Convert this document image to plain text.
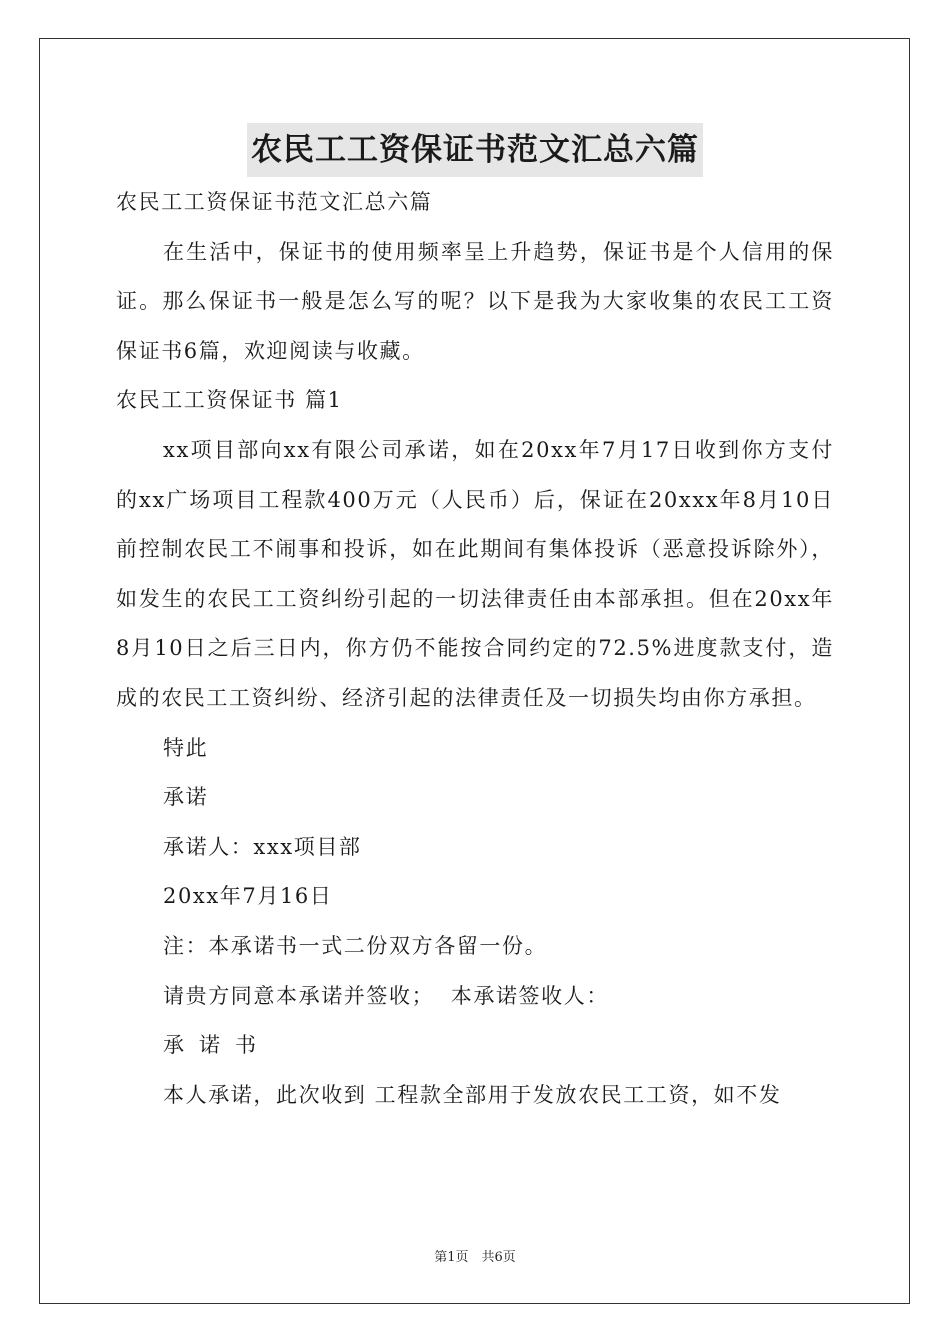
农民工工资保证书范文汇总六篇
农民工工资保证书范文汇总六篇
在生活中，保证书的使用频率呈上升趋势，保证书是个人信用的保证。那么保证书一般是怎么写的呢？以下是我为大家收集的农民工工资保证书6篇，欢迎阅读与收藏。
农民工工资保证书 篇1
xx项目部向xx有限公司承诺，如在20xx年7月17日收到你方支付的xx广场项目工程款400万元（人民币）后，保证在20xxx年8月10日前控制农民工不闹事和投诉，如在此期间有集体投诉（恶意投诉除外），如发生的农民工工资纠纷引起的一切法律责任由本部承担。但在20xx年8月10日之后三日内，你方仍不能按合同约定的72.5%进度款支付，造成的农民工工资纠纷、经济引起的法律责任及一切损失均由你方承担。
特此
承诺
承诺人：xxx项目部
20xx年7月16日
注：本承诺书一式二份双方各留一份。
请贵方同意本承诺并签收；  本承诺签收人：
承诺书
本人承诺，此次收到 工程款全部用于发放农民工工资，如不发
第1页　共6页
